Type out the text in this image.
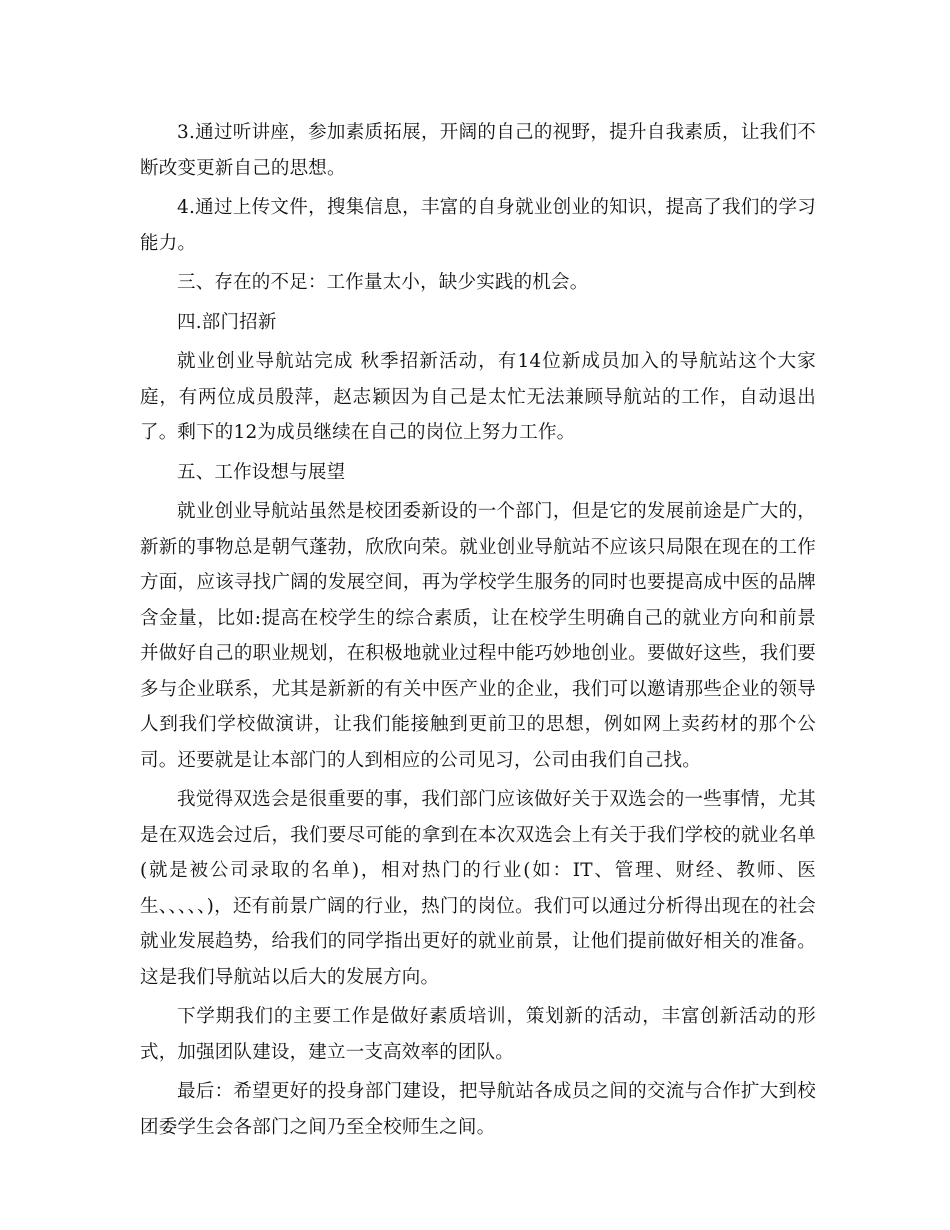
3.通过听讲座，参加素质拓展，开阔的自己的视野，提升自我素质，让我们不断改变更新自己的思想。

4.通过上传文件，搜集信息，丰富的自身就业创业的知识，提高了我们的学习能力。

三、存在的不足：工作量太小，缺少实践的机会。

四.部门招新

就业创业导航站完成 秋季招新活动，有14位新成员加入的导航站这个大家庭，有两位成员殷萍，赵志颖因为自己是太忙无法兼顾导航站的工作，自动退出了。剩下的12为成员继续在自己的岗位上努力工作。

五、工作设想与展望

就业创业导航站虽然是校团委新设的一个部门，但是它的发展前途是广大的，新新的事物总是朝气蓬勃，欣欣向荣。就业创业导航站不应该只局限在现在的工作方面，应该寻找广阔的发展空间，再为学校学生服务的同时也要提高成中医的品牌含金量，比如:提高在校学生的综合素质，让在校学生明确自己的就业方向和前景并做好自己的职业规划，在积极地就业过程中能巧妙地创业。要做好这些，我们要多与企业联系，尤其是新新的有关中医产业的企业，我们可以邀请那些企业的领导人到我们学校做演讲，让我们能接触到更前卫的思想，例如网上卖药材的那个公司。还要就是让本部门的人到相应的公司见习，公司由我们自己找。

我觉得双选会是很重要的事，我们部门应该做好关于双选会的一些事情，尤其是在双选会过后，我们要尽可能的拿到在本次双选会上有关于我们学校的就业名单(就是被公司录取的名单)，相对热门的行业(如：IT、管理、财经、教师、医生、、、、、)，还有前景广阔的行业，热门的岗位。我们可以通过分析得出现在的社会就业发展趋势，给我们的同学指出更好的就业前景，让他们提前做好相关的准备。这是我们导航站以后大的发展方向。

下学期我们的主要工作是做好素质培训，策划新的活动，丰富创新活动的形式，加强团队建设，建立一支高效率的团队。

最后：希望更好的投身部门建设，把导航站各成员之间的交流与合作扩大到校团委学生会各部门之间乃至全校师生之间。
